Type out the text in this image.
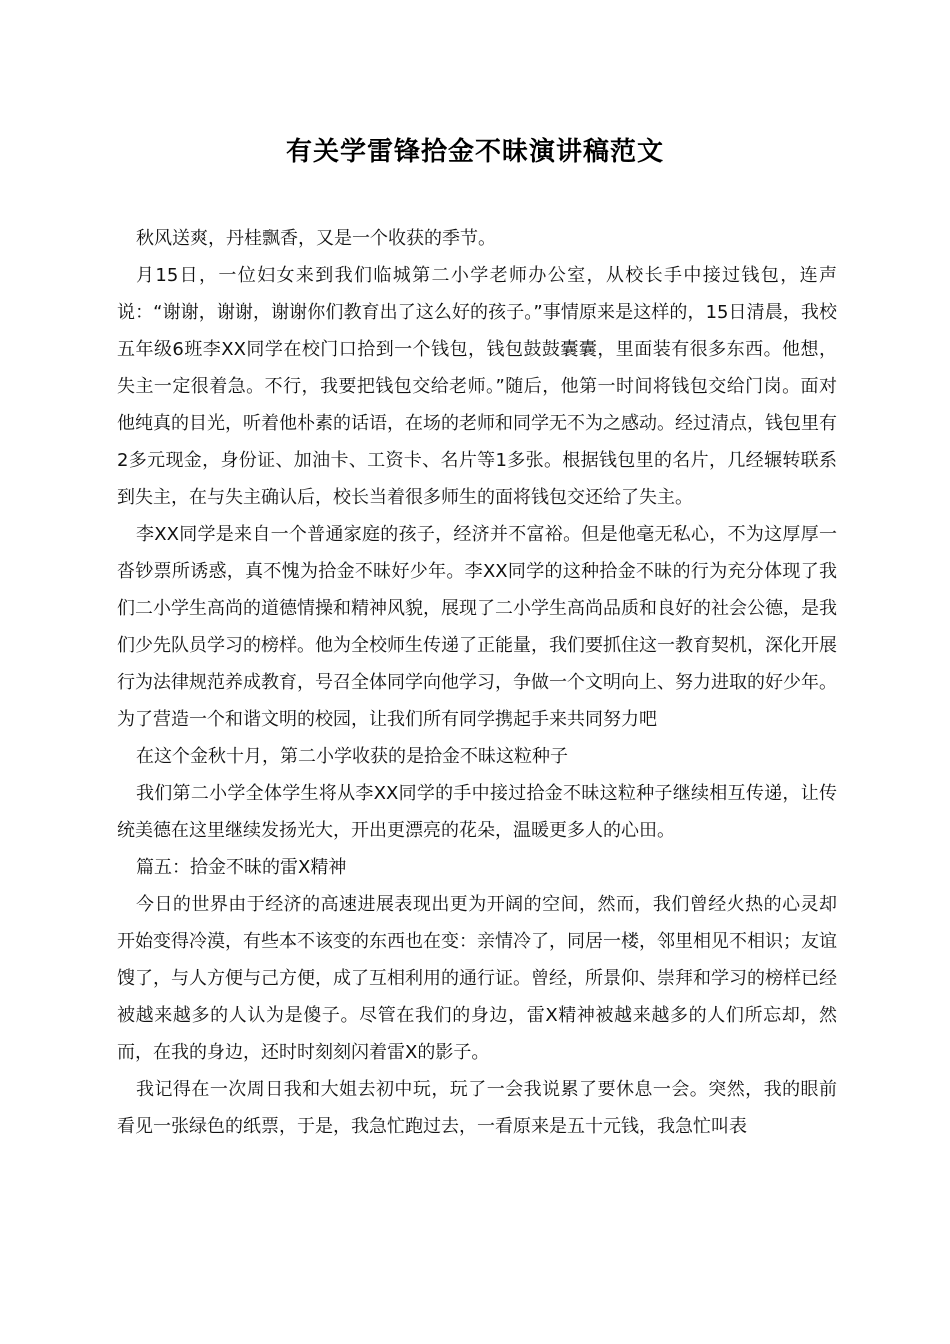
有关学雷锋拾金不昧演讲稿范文

秋风送爽，丹桂飘香，又是一个收获的季节。

月15日，一位妇女来到我们临城第二小学老师办公室，从校长手中接过钱包，连声说：“谢谢，谢谢，谢谢你们教育出了这么好的孩子。”事情原来是这样的，15日清晨，我校五年级6班李XX同学在校门口拾到一个钱包，钱包鼓鼓囊囊，里面装有很多东西。他想，失主一定很着急。不行，我要把钱包交给老师。”随后，他第一时间将钱包交给门岗。面对他纯真的目光，听着他朴素的话语，在场的老师和同学无不为之感动。经过清点，钱包里有2多元现金，身份证、加油卡、工资卡、名片等1多张。根据钱包里的名片，几经辗转联系到失主，在与失主确认后，校长当着很多师生的面将钱包交还给了失主。

李XX同学是来自一个普通家庭的孩子，经济并不富裕。但是他毫无私心，不为这厚厚一沓钞票所诱惑，真不愧为拾金不昧好少年。李XX同学的这种拾金不昧的行为充分体现了我们二小学生高尚的道德情操和精神风貌，展现了二小学生高尚品质和良好的社会公德，是我们少先队员学习的榜样。他为全校师生传递了正能量，我们要抓住这一教育契机，深化开展行为法律规范养成教育，号召全体同学向他学习，争做一个文明向上、努力进取的好少年。为了营造一个和谐文明的校园，让我们所有同学携起手来共同努力吧

在这个金秋十月，第二小学收获的是拾金不昧这粒种子

我们第二小学全体学生将从李XX同学的手中接过拾金不昧这粒种子继续相互传递，让传统美德在这里继续发扬光大，开出更漂亮的花朵，温暖更多人的心田。

篇五：拾金不昧的雷X精神

今日的世界由于经济的高速进展表现出更为开阔的空间，然而，我们曾经火热的心灵却开始变得冷漠，有些本不该变的东西也在变：亲情冷了，同居一楼，邻里相见不相识；友谊馊了，与人方便与己方便，成了互相利用的通行证。曾经，所景仰、崇拜和学习的榜样已经被越来越多的人认为是傻子。尽管在我们的身边，雷X精神被越来越多的人们所忘却，然而，在我的身边，还时时刻刻闪着雷X的影子。

我记得在一次周日我和大姐去初中玩，玩了一会我说累了要休息一会。突然，我的眼前看见一张绿色的纸票，于是，我急忙跑过去，一看原来是五十元钱，我急忙叫表
